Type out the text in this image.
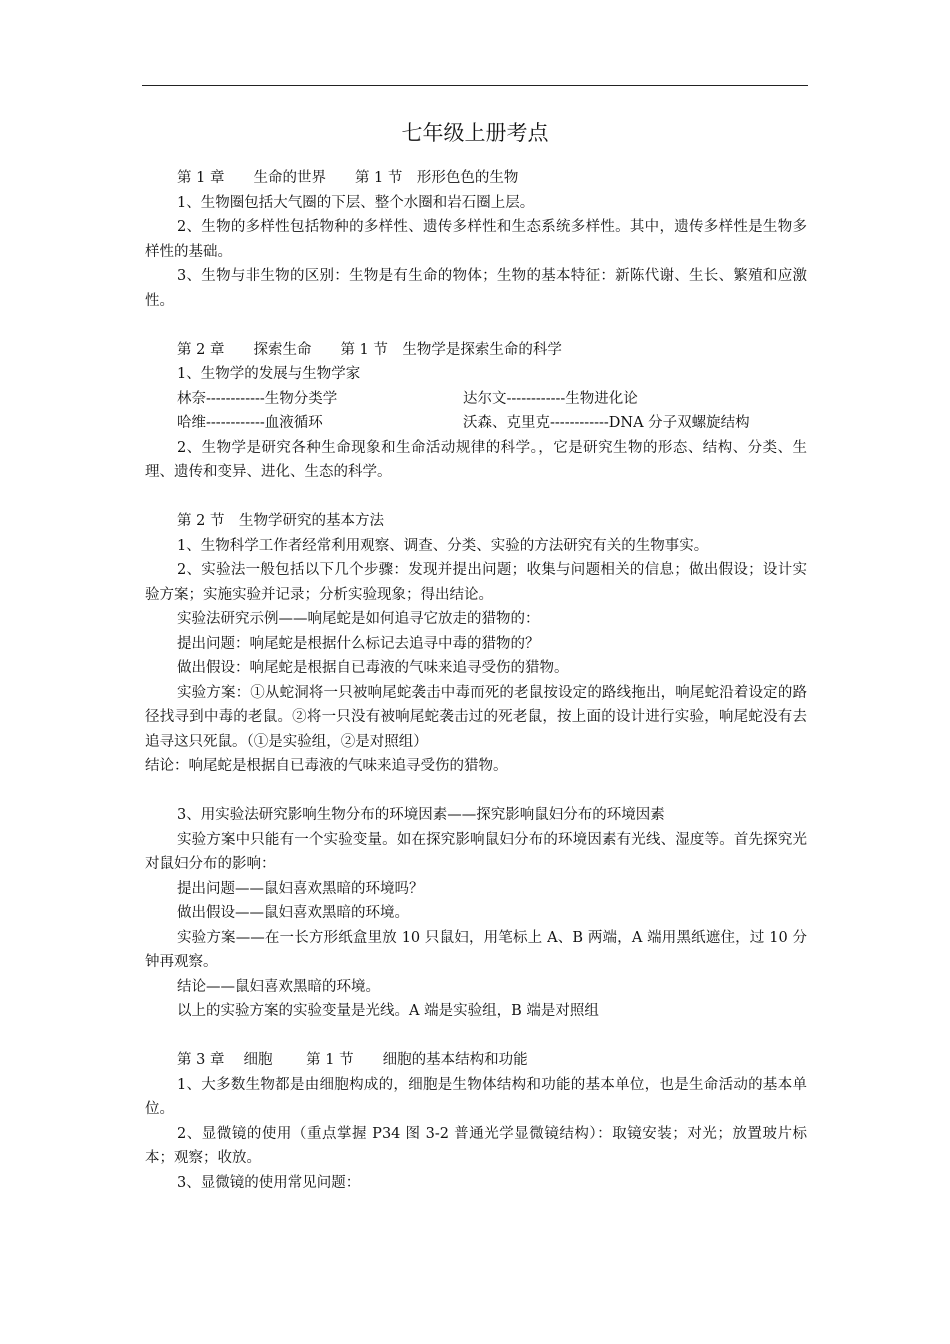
七年级上册考点

第 1 章　　生命的世界　　第 1 节　形形色色的生物

1、生物圈包括大气圈的下层、整个水圈和岩石圈上层。

2、生物的多样性包括物种的多样性、遗传多样性和生态系统多样性。其中，遗传多样性是生物多样性的基础。

3、生物与非生物的区别：生物是有生命的物体；生物的基本特征：新陈代谢、生长、繁殖和应激性。

第 2 章　　探索生命　　第 1 节　生物学是探索生命的科学

1、生物学的发展与生物学家

林奈------------生物分类学	达尔文------------生物进化论
哈维------------血液循环	沃森、克里克------------DNA 分子双螺旋结构

2、生物学是研究各种生命现象和生命活动规律的科学。，它是研究生物的形态、结构、分类、生理、遗传和变异、进化、生态的科学。

第 2 节　生物学研究的基本方法

1、生物科学工作者经常利用观察、调查、分类、实验的方法研究有关的生物事实。

2、实验法一般包括以下几个步骤：发现并提出问题；收集与问题相关的信息；做出假设；设计实验方案；实施实验并记录；分析实验现象；得出结论。

实验法研究示例——响尾蛇是如何追寻它放走的猎物的：

提出问题：响尾蛇是根据什么标记去追寻中毒的猎物的？

做出假设：响尾蛇是根据自已毒液的气味来追寻受伤的猎物。

实验方案：①从蛇洞将一只被响尾蛇袭击中毒而死的老鼠按设定的路线拖出，响尾蛇沿着设定的路径找寻到中毒的老鼠。②将一只没有被响尾蛇袭击过的死老鼠，按上面的设计进行实验，响尾蛇没有去追寻这只死鼠。（①是实验组，②是对照组）

结论：响尾蛇是根据自已毒液的气味来追寻受伤的猎物。

3、用实验法研究影响生物分布的环境因素——探究影响鼠妇分布的环境因素

实验方案中只能有一个实验变量。如在探究影响鼠妇分布的环境因素有光线、湿度等。首先探究光对鼠妇分布的影响：

提出问题——鼠妇喜欢黑暗的环境吗？

做出假设——鼠妇喜欢黑暗的环境。

实验方案——在一长方形纸盒里放 10 只鼠妇，用笔标上 A、B 两端，A 端用黑纸遮住，过 10 分钟再观察。

结论——鼠妇喜欢黑暗的环境。

以上的实验方案的实验变量是光线。A 端是实验组，B 端是对照组

第 3 章　 细胞　　 第 1 节　　细胞的基本结构和功能

1、大多数生物都是由细胞构成的，细胞是生物体结构和功能的基本单位，也是生命活动的基本单位。

2、显微镜的使用（重点掌握 P34 图 3-2 普通光学显微镜结构）：取镜安装；对光；放置玻片标本；观察；收放。

3、显微镜的使用常见问题：
